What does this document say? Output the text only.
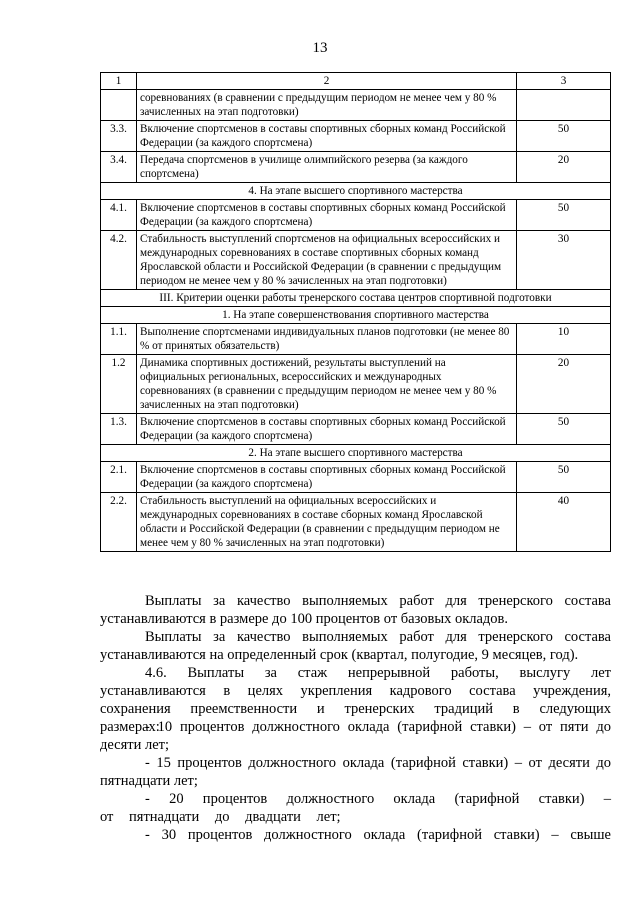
13
1	2	3
	соревнованиях (в сравнении с предыдущим периодом не менее чем у 80 % зачисленных на этап подготовки)	
3.3.	Включение спортсменов в составы спортивных сборных команд Российской Федерации (за каждого спортсмена)	50
3.4.	Передача спортсменов в училище олимпийского резерва (за каждого спортсмена)	20
4. На этапе высшего спортивного мастерства		
4.1.	Включение спортсменов в составы спортивных сборных команд Российской Федерации (за каждого спортсмена)	50
4.2.	Стабильность выступлений спортсменов на официальных всероссийских и международных соревнованиях в составе спортивных сборных команд Ярославской области и Российской Федерации (в сравнении с предыдущим периодом не менее чем у 80 % зачисленных на этап подготовки)	30
III. Критерии оценки работы тренерского состава центров спортивной подготовки		
1. На этапе совершенствования спортивного мастерства		
1.1.	Выполнение спортсменами индивидуальных планов подготовки (не менее 80 % от принятых обязательств)	10
1.2	Динамика спортивных достижений, результаты выступлений на официальных региональных, всероссийских и международных соревнованиях (в сравнении с предыдущим периодом не менее чем у 80 % зачисленных на этап подготовки)	20
1.3.	Включение спортсменов в составы спортивных сборных команд Российской Федерации (за каждого спортсмена)	50
2. На этапе высшего спортивного мастерства		
2.1.	Включение спортсменов в составы спортивных сборных команд Российской Федерации (за каждого спортсмена)	50
2.2.	Стабильность выступлений на официальных всероссийских и международных соревнованиях в составе сборных команд Ярославской области и Российской Федерации (в сравнении с предыдущим периодом не менее чем у 80 % зачисленных на этап подготовки)	40
Выплаты за качество выполняемых работ для тренерского состава устанавливаются в размере до 100 процентов от базовых окладов.
Выплаты за качество выполняемых работ для тренерского состава устанавливаются на определенный срок (квартал, полугодие, 9 месяцев, год).
4.6. Выплаты за стаж непрерывной работы, выслугу лет устанавливаются в целях укрепления кадрового состава учреждения, сохранения преемственности и тренерских традиций в следующих размерах:
- 10 процентов должностного оклада (тарифной ставки) – от пяти до десяти лет;
- 15 процентов должностного оклада (тарифной ставки) – от десяти до пятнадцати лет;
- 20 процентов должностного оклада (тарифной ставки) – от пятнадцати до двадцати лет;
- 30 процентов должностного оклада (тарифной ставки) – свыше
